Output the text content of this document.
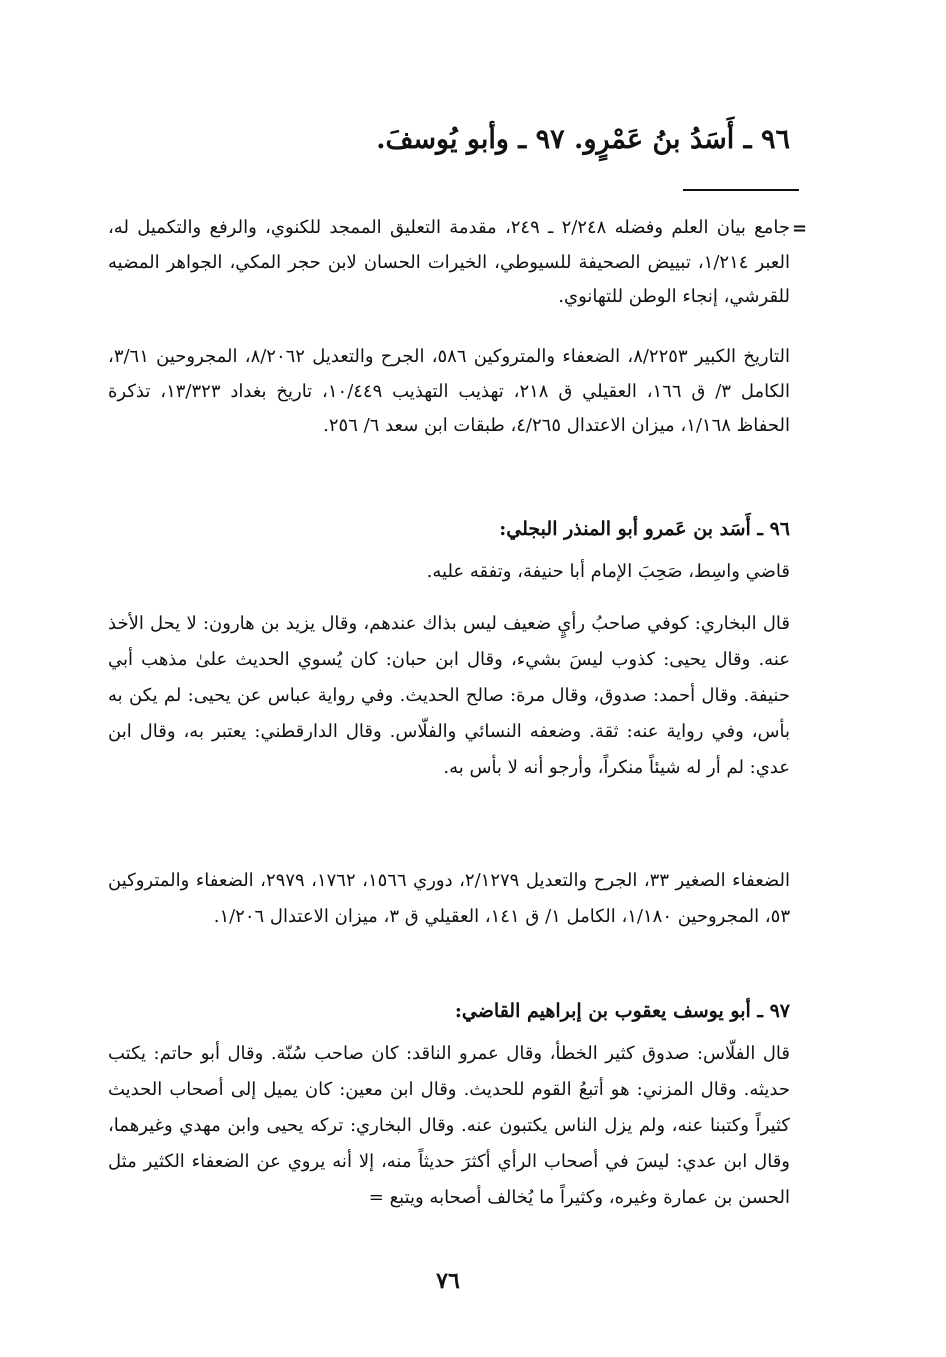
٩٦ ـ أَسَدُ بنُ عَمْرٍو. ٩٧ ـ وأبو يُوسفَ.
=

جامع بيان العلم وفضله ٢/٢٤٨ ـ ٢٤٩، مقدمة التعليق الممجد للكنوي، والرفع والتكميل له، العبر ١/٢١٤، تبييض الصحيفة للسيوطي، الخيرات الحسان لابن حجر المكي، الجواهر المضيه للقرشي، إنجاء الوطن للتهانوي.

التاريخ الكبير ٨/٢٢٥٣، الضعفاء والمتروكين ٥٨٦، الجرح والتعديل ٨/٢٠٦٢، المجروحين ٣/٦١، الكامل ٣/ ق ١٦٦، العقيلي ق ٢١٨، تهذيب التهذيب ١٠/٤٤٩، تاريخ بغداد ١٣/٣٢٣، تذكرة الحفاظ ١/١٦٨، ميزان الاعتدال ٤/٢٦٥، طبقات ابن سعد ٦/ ٢٥٦.

٩٦ ـ أَسَد بن عَمرو أبو المنذر البجلي:
قاضي واسِط، صَحِبَ الإمام أبا حنيفة، وتفقه عليه.

قال البخاري: كوفي صاحبُ رأيٍ ضعيف ليس بذاك عندهم، وقال يزيد بن هارون: لا يحل الأخذ عنه. وقال يحيى: كذوب ليسَ بشيء، وقال ابن حبان: كان يُسوي الحديث علىٰ مذهب أبي حنيفة. وقال أحمد: صدوق، وقال مرة: صالح الحديث. وفي رواية عباس عن يحيى: لم يكن به بأس، وفي رواية عنه: ثقة. وضعفه النسائي والفلّاس. وقال الدارقطني: يعتبر به، وقال ابن عدي: لم أر له شيئاً منكراً، وأرجو أنه لا بأس به.

الضعفاء الصغير ٣٣، الجرح والتعديل ٢/١٢٧٩، دوري ١٥٦٦، ١٧٦٢، ٢٩٧٩، الضعفاء والمتروكين ٥٣، المجروحين ١/١٨٠، الكامل ١/ ق ١٤١، العقيلي ق ٣، ميزان الاعتدال ١/٢٠٦.

٩٧ ـ أبو يوسف يعقوب بن إبراهيم القاضي:

قال الفلّاس: صدوق كثير الخطأ، وقال عمرو الناقد: كان صاحب سُنّة. وقال أبو حاتم: يكتب حديثه. وقال المزني: هو أتبعُ القوم للحديث. وقال ابن معين: كان يميل إلى أصحاب الحديث كثيراً وكتبنا عنه، ولم يزل الناس يكتبون عنه. وقال البخاري: تركه يحيى وابن مهدي وغيرهما، وقال ابن عدي: ليسَ في أصحاب الرأي أكثرَ حديثاً منه، إلا أنه يروي عن الضعفاء الكثير مثل الحسن بن عمارة وغيره، وكثيراً ما يُخالف أصحابه ويتبع =

٧٦
